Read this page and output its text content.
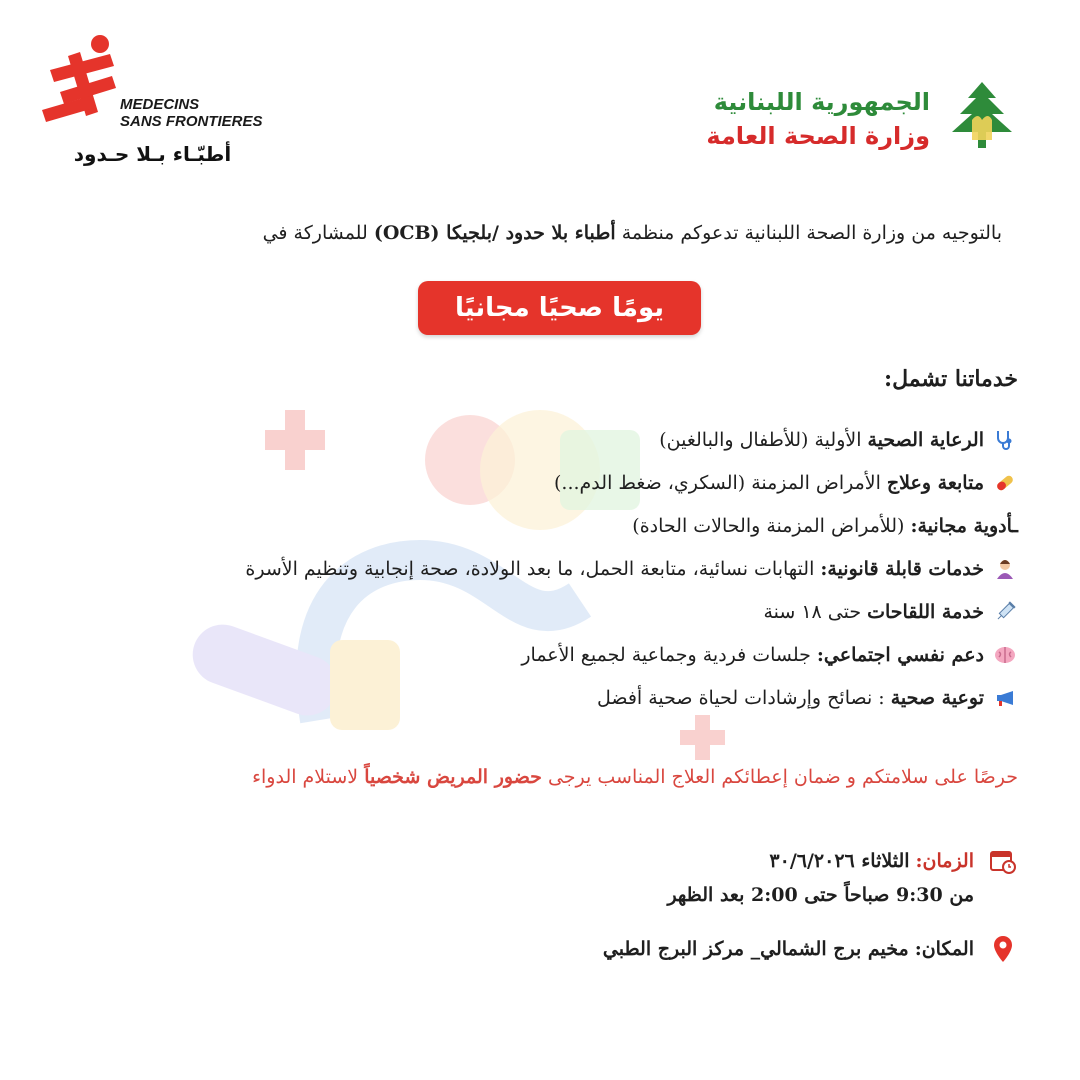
MEDECINS
SANS FRONTIERES
أطبّـاء بـلا حـدود
الجمهورية اللبنانية
وزارة الصحة العامة
بالتوجيه من وزارة الصحة اللبنانية تدعوكم منظمة أطباء بلا حدود /بلجيكا (OCB) للمشاركة في
يومًا صحيًا مجانيًا
خدماتنا تشمل:
الرعاية الصحية
الأولية (للأطفال والبالغين)
متابعة وعلاج
الأمراض المزمنة (السكري، ضغط الدم...)
ـأدوية مجانية:
(للأمراض المزمنة والحالات الحادة)
خدمات قابلة قانونية:
التهابات نسائية، متابعة الحمل، ما بعد الولادة، صحة إنجابية وتنظيم الأسرة
خدمة اللقاحات
حتى ١٨ سنة
دعم نفسي اجتماعي:
جلسات فردية وجماعية لجميع الأعمار
توعية صحية
: نصائح وإرشادات لحياة صحية أفضل
حرصًا على سلامتكم و ضمان إعطائكم العلاج المناسب يرجى حضور المريض شخصياً لاستلام الدواء
الزمان:
الثلاثاء ٣٠/٦/٢٠٢٦
من 9:30 صباحاً حتى 2:00 بعد الظهر
المكان:
مخيم برج الشمالي_ مركز البرج الطبي
